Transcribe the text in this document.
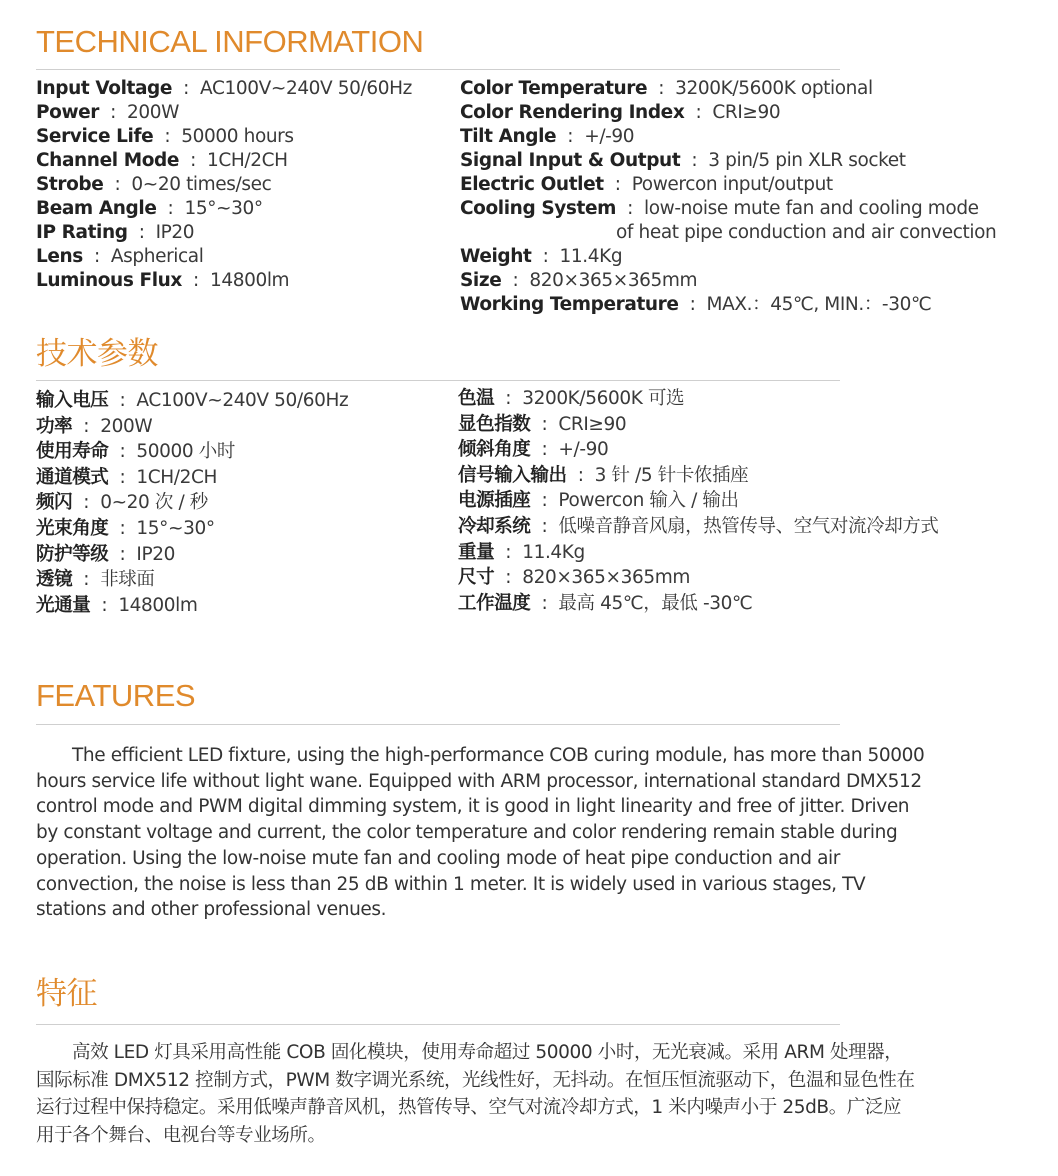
TECHNICAL INFORMATION
Input Voltage : AC100V~240V 50/60Hz
Power : 200W
Service Life : 50000 hours
Channel Mode : 1CH/2CH
Strobe : 0~20 times/sec
Beam Angle : 15°~30°
IP Rating : IP20
Lens : Aspherical
Luminous Flux : 14800lm
Color Temperature : 3200K/5600K optional
Color Rendering Index : CRI≥90
Tilt Angle : +/-90
Signal Input & Output : 3 pin/5 pin XLR socket
Electric Outlet : Powercon input/output
Cooling System : low-noise mute fan and cooling mode
of heat pipe conduction and air convection
Weight : 11.4Kg
Size : 820×365×365mm
Working Temperature : MAX.：45℃, MIN.：-30℃
技术参数
输入电压 : AC100V~240V 50/60Hz
功率 : 200W
使用寿命 : 50000 小时
通道模式 : 1CH/2CH
频闪 : 0~20 次 / 秒
光束角度 : 15°~30°
防护等级 : IP20
透镜 : 非球面
光通量 : 14800lm
色温 : 3200K/5600K 可选
显色指数 : CRI≥90
倾斜角度 : +/-90
信号输入输出 : 3 针 /5 针卡侬插座
电源插座 : Powercon 输入 / 输出
冷却系统 : 低噪音静音风扇，热管传导、空气对流冷却方式
重量 : 11.4Kg
尺寸 : 820×365×365mm
工作温度 : 最高 45℃，最低 -30℃
FEATURES

The efficient LED fixture, using the high-performance COB curing module, has more than 50000 hours service life without light wane. Equipped with ARM processor, international standard DMX512 control mode and PWM digital dimming system, it is good in light linearity and free of jitter. Driven by constant voltage and current, the color temperature and color rendering remain stable during operation. Using the low-noise mute fan and cooling mode of heat pipe conduction and air convection, the noise is less than 25 dB within 1 meter. It is widely used in various stages, TV stations and other professional venues.

特征

高效 LED 灯具采用高性能 COB 固化模块，使用寿命超过 50000 小时，无光衰减。采用 ARM 处理器，国际标准 DMX512 控制方式，PWM 数字调光系统，光线性好，无抖动。在恒压恒流驱动下，色温和显色性在运行过程中保持稳定。采用低噪声静音风机，热管传导、空气对流冷却方式，1 米内噪声小于 25dB。广泛应用于各个舞台、电视台等专业场所。
